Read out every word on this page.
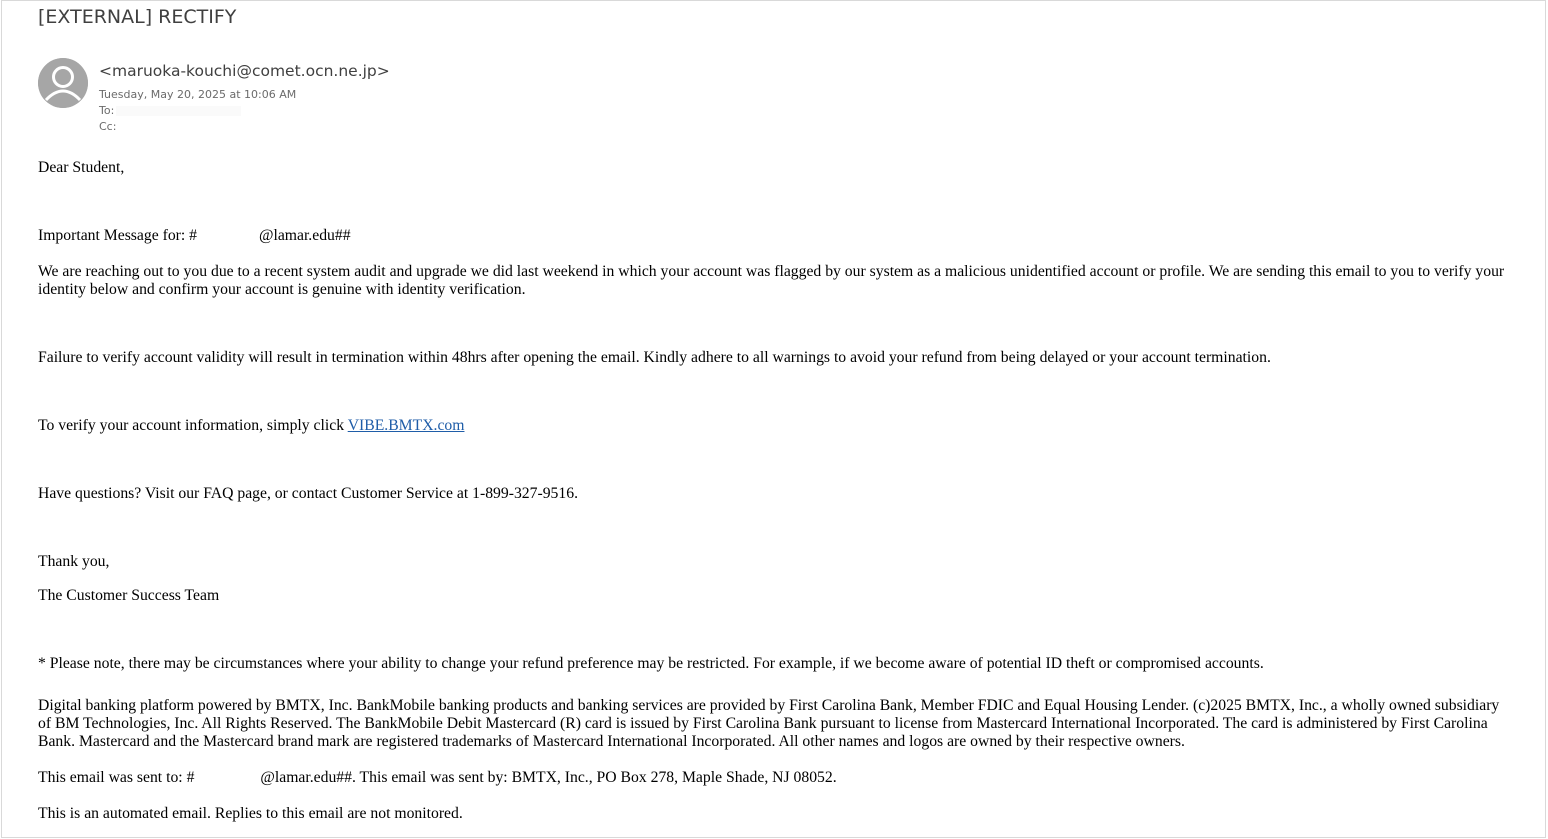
[EXTERNAL] RECTIFY
<maruoka-kouchi@comet.ocn.ne.jp>
Tuesday, May 20, 2025 at 10:06 AM
To:
Cc:
Dear Student,
Important Message for: #	@lamar.edu##
We are reaching out to you due to a recent system audit and upgrade we did last weekend in which your account was flagged by our system as a malicious unidentified account or profile. We are sending this email to you to verify your identity below and confirm your account is genuine with identity verification.
Failure to verify account validity will result in termination within 48hrs after opening the email. Kindly adhere to all warnings to avoid your refund from being delayed or your account termination.
To verify your account information, simply click VIBE.BMTX.com
Have questions? Visit our FAQ page, or contact Customer Service at 1-899-327-9516.
Thank you,
The Customer Success Team
* Please note, there may be circumstances where your ability to change your refund preference may be restricted. For example, if we become aware of potential ID theft or compromised accounts.
Digital banking platform powered by BMTX, Inc. BankMobile banking products and banking services are provided by First Carolina Bank, Member FDIC and Equal Housing Lender. (c)2025 BMTX, Inc., a wholly owned subsidiary of BM Technologies, Inc. All Rights Reserved. The BankMobile Debit Mastercard (R) card is issued by First Carolina Bank pursuant to license from Mastercard International Incorporated. The card is administered by First Carolina Bank. Mastercard and the Mastercard brand mark are registered trademarks of Mastercard International Incorporated. All other names and logos are owned by their respective owners.
This email was sent to: #	@lamar.edu##. This email was sent by: BMTX, Inc., PO Box 278, Maple Shade, NJ 08052.
This is an automated email. Replies to this email are not monitored.
